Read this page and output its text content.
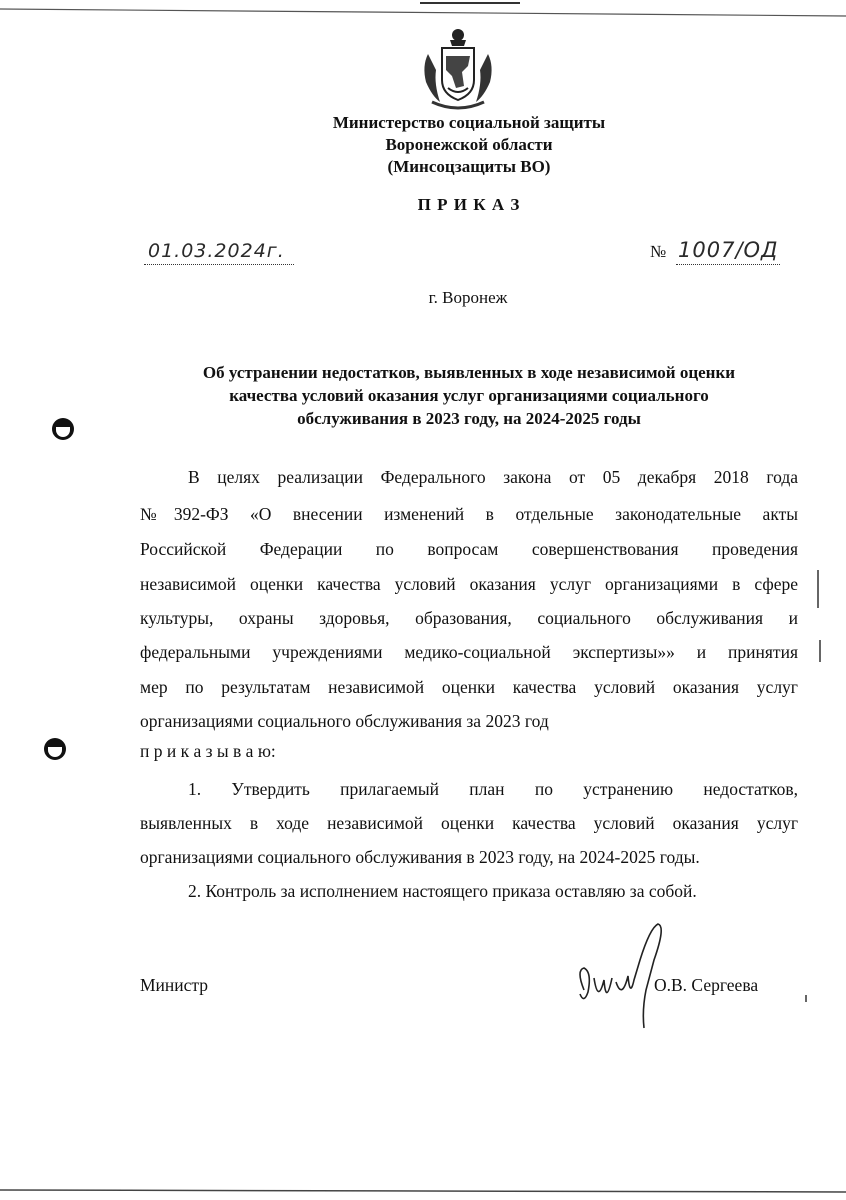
Министерство социальной защиты
Воронежской области
(Минсоцзащиты ВО)
П Р И К А З
01.03.2024г.	№ 1007/ОД
г. Воронеж
Об устранении недостатков, выявленных в ходе независимой оценки
качества условий оказания услуг организациями социального
обслуживания в 2023 году, на 2024-2025 годы
В целях реализации Федерального закона от 05 декабря 2018 года
№392-ФЗ «О внесении изменений в отдельные законодательные акты
Российской Федерации по вопросам совершенствования проведения
независимой оценки качества условий оказания услуг организациями в сфере
культуры, охраны здоровья, образования, социального обслуживания и
федеральными учреждениями медико-социальной экспертизы»» и принятия
мер по результатам независимой оценки качества условий оказания услуг
организациями социального обслуживания за 2023 год
п р и к а з ы в а ю:
1. Утвердить прилагаемый план по устранению недостатков,
выявленных в ходе независимой оценки качества условий оказания услуг
организациями социального обслуживания в 2023 году, на 2024-2025 годы.
2. Контроль за исполнением настоящего приказа оставляю за собой.
Министр	О.В. Сергеева
